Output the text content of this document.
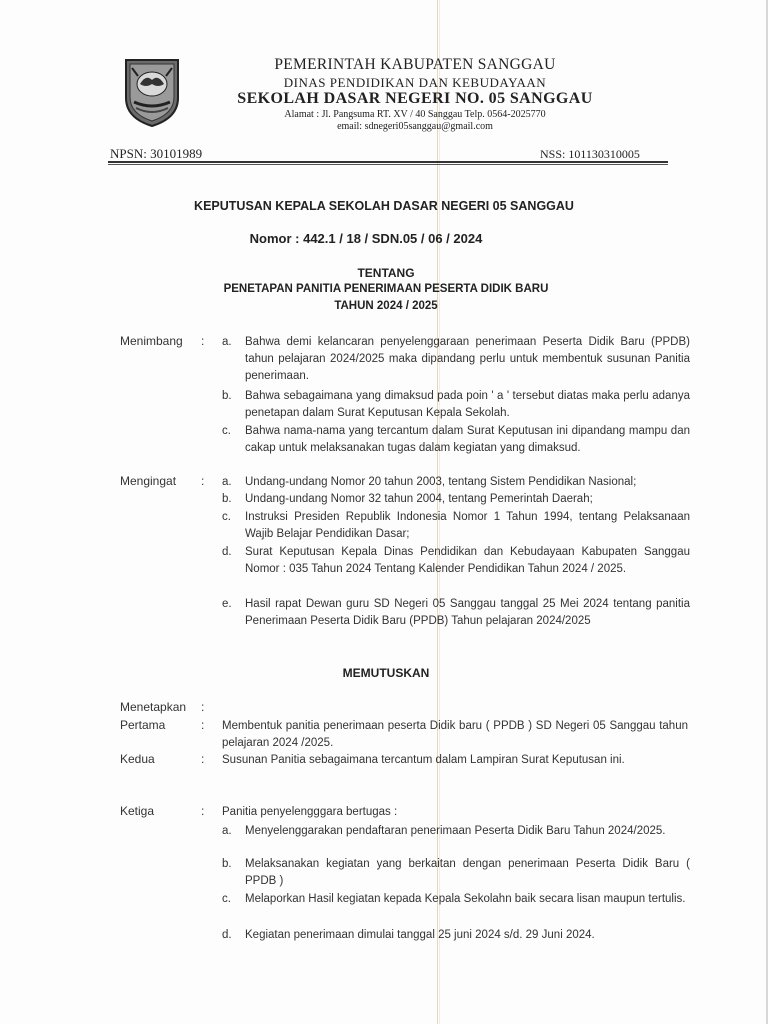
PEMERINTAH KABUPATEN SANGGAU
DINAS PENDIDIKAN DAN KEBUDAYAAN
SEKOLAH DASAR NEGERI NO. 05 SANGGAU
Alamat : Jl. Pangsuma RT. XV / 40 Sanggau Telp. 0564-2025770
email: sdnegeri05sanggau@gmail.com
NPSN: 30101989	NSS: 101130310005
KEPUTUSAN KEPALA SEKOLAH DASAR NEGERI 05 SANGGAU
Nomor : 442.1 / 18 / SDN.05 / 06 / 2024
TENTANG
PENETAPAN PANITIA PENERIMAAN PESERTA DIDIK BARU
TAHUN 2024 / 2025
Menimbang : a. Bahwa demi kelancaran penyelenggaraan penerimaan Peserta Didik Baru (PPDB) tahun pelajaran 2024/2025 maka dipandang perlu untuk membentuk susunan Panitia penerimaan.
b. Bahwa sebagaimana yang dimaksud pada poin ' a ' tersebut diatas maka perlu adanya penetapan dalam Surat Keputusan Kepala Sekolah.
c. Bahwa nama-nama yang tercantum dalam Surat Keputusan ini dipandang mampu dan cakap untuk melaksanakan tugas dalam kegiatan yang dimaksud.
Mengingat : a. Undang-undang Nomor 20 tahun 2003, tentang Sistem Pendidikan Nasional;
b. Undang-undang Nomor 32 tahun 2004, tentang Pemerintah Daerah;
c. Instruksi Presiden Republik Indonesia Nomor 1 Tahun 1994, tentang Pelaksanaan Wajib Belajar Pendidikan Dasar;
d. Surat Keputusan Kepala Dinas Pendidikan dan Kebudayaan Kabupaten Sanggau Nomor : 035 Tahun 2024 Tentang Kalender Pendidikan Tahun 2024 / 2025.
e. Hasil rapat Dewan guru SD Negeri 05 Sanggau tanggal 25 Mei 2024 tentang panitia Penerimaan Peserta Didik Baru (PPDB) Tahun pelajaran 2024/2025
MEMUTUSKAN
Menetapkan :
Pertama	: Membentuk panitia penerimaan peserta Didik baru ( PPDB ) SD Negeri 05 Sanggau tahun pelajaran 2024 /2025.
Kedua	: Susunan Panitia sebagaimana tercantum dalam Lampiran Surat Keputusan ini.
Ketiga	: Panitia penyelengggara bertugas :
a. Menyelenggarakan pendaftaran penerimaan Peserta Didik Baru Tahun 2024/2025.
b. Melaksanakan kegiatan yang berkaitan dengan penerimaan Peserta Didik Baru ( PPDB )
c. Melaporkan Hasil kegiatan kepada Kepala Sekolahn baik secara lisan maupun tertulis.
d. Kegiatan penerimaan dimulai tanggal 25 juni 2024 s/d. 29 Juni 2024.
